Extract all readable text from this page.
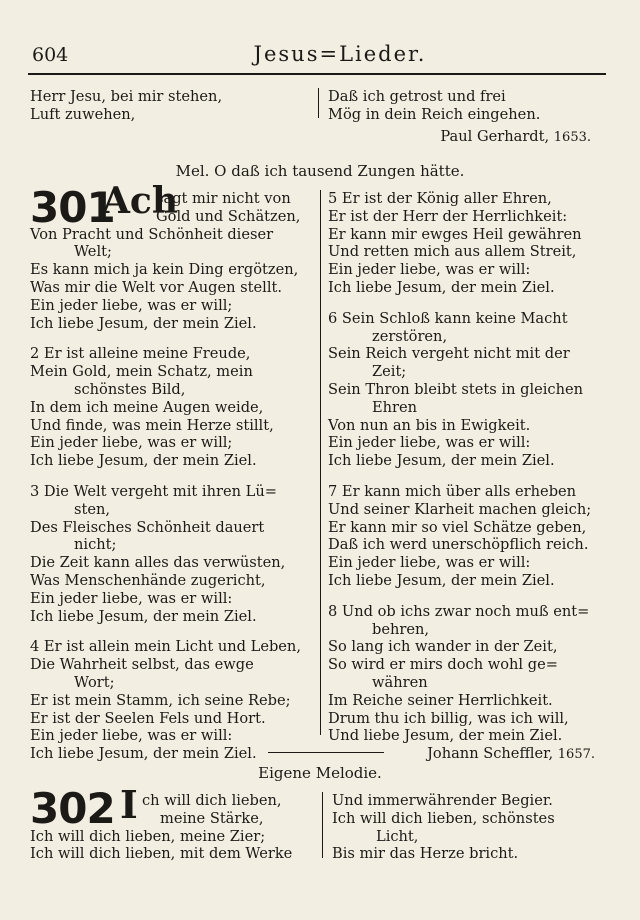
604	Jesus=Lieder.
Herr Jesu, bei mir stehen,
Luft zuwehen,
Daß ich getrost und frei
Mög in dein Reich eingehen.
Paul Gerhardt, 1653.
Mel. O daß ich tausend Zungen hätte.
301
Ach
sagt mir nicht von
Gold und Schätzen,
Von Pracht und Schönheit dieser
Welt;
Es kann mich ja kein Ding ergötzen,
Was mir die Welt vor Augen stellt.
Ein jeder liebe, was er will;
Ich liebe Jesum, der mein Ziel.
2 Er ist alleine meine Freude,
Mein Gold, mein Schatz, mein
schönstes Bild,
In dem ich meine Augen weide,
Und finde, was mein Herze stillt,
Ein jeder liebe, was er will;
Ich liebe Jesum, der mein Ziel.
3 Die Welt vergeht mit ihren Lü=
sten,
Des Fleisches Schönheit dauert
nicht;
Die Zeit kann alles das verwüsten,
Was Menschenhände zugericht,
Ein jeder liebe, was er will:
Ich liebe Jesum, der mein Ziel.
4 Er ist allein mein Licht und Leben,
Die Wahrheit selbst, das ewge
Wort;
Er ist mein Stamm, ich seine Rebe;
Er ist der Seelen Fels und Hort.
Ein jeder liebe, was er will:
Ich liebe Jesum, der mein Ziel.
5 Er ist der König aller Ehren,
Er ist der Herr der Herrlichkeit:
Er kann mir ewges Heil gewähren
Und retten mich aus allem Streit,
Ein jeder liebe, was er will:
Ich liebe Jesum, der mein Ziel.
6 Sein Schloß kann keine Macht
zerstören,
Sein Reich vergeht nicht mit der
Zeit;
Sein Thron bleibt stets in gleichen
Ehren
Von nun an bis in Ewigkeit.
Ein jeder liebe, was er will:
Ich liebe Jesum, der mein Ziel.
7 Er kann mich über alls erheben
Und seiner Klarheit machen gleich;
Er kann mir so viel Schätze geben,
Daß ich werd unerschöpflich reich.
Ein jeder liebe, was er will:
Ich liebe Jesum, der mein Ziel.
8 Und ob ichs zwar noch muß ent=
behren,
So lang ich wander in der Zeit,
So wird er mirs doch wohl ge=
währen
Im Reiche seiner Herrlichkeit.
Drum thu ich billig, was ich will,
Und liebe Jesum, der mein Ziel.
Johann Scheffler, 1657.
Eigene Melodie.
302 I ch will dich lieben,
meine Stärke,
Ich will dich lieben, meine Zier;
Ich will dich lieben, mit dem Werke
Und immerwährender Begier.
Ich will dich lieben, schönstes
Licht,
Bis mir das Herze bricht.
